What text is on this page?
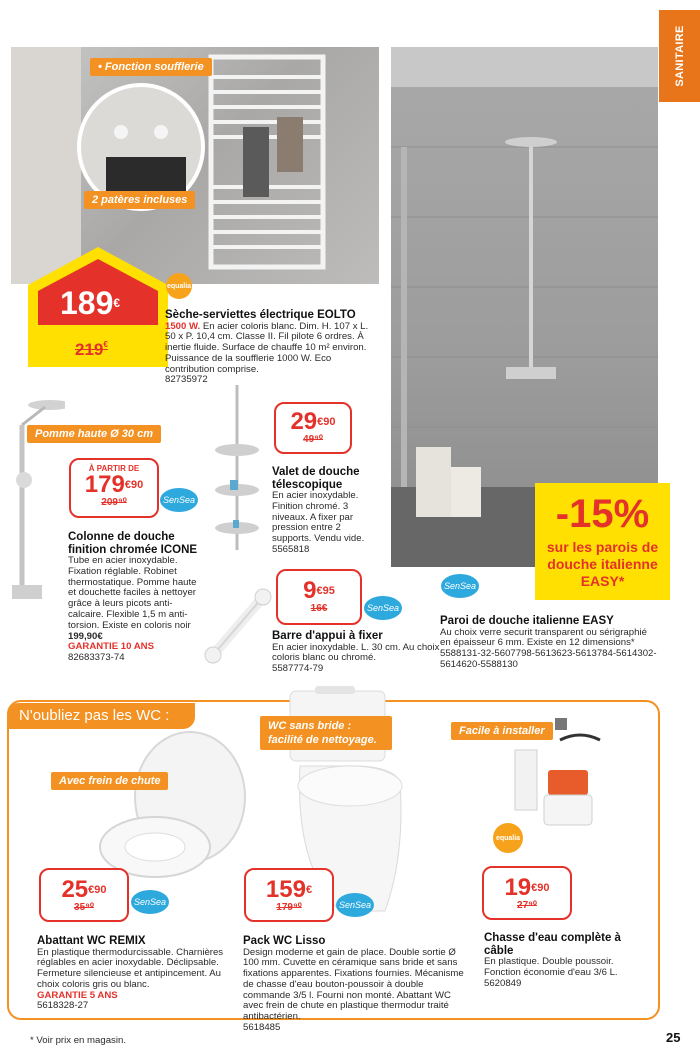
SANITAIRE
• Fonction soufflerie
2 patères incluses
-15%
sur les parois de douche italienne EASY*
189€
219€
equalia
Sèche-serviettes électrique EOLTO
1500 W. En acier coloris blanc. Dim. H. 107 x L. 50 x P. 10,4 cm. Classe II. Fil pilote 6 ordres. À inertie fluide. Surface de chauffe 10 m² environ. Puissance de la soufflerie 1000 W. Eco contribution comprise.
82735972
Pomme haute Ø 30 cm
À PARTIR DE
$179^{€90}$
209⁹⁰	SenSea
Colonne de douche finition chromée ICONE
Tube en acier inoxydable. Fixation réglable. Robinet thermostatique. Pomme haute et douchette faciles à nettoyer grâce à leurs picots anti-calcaire. Flexible 1,5 m anti-torsion. Existe en coloris noir
199,90€
GARANTIE 10 ANS
82683373-74
$29^{€90}$
49⁹⁰
Valet de douche télescopique
En acier inoxydable. Finition chromé. 3 niveaux. A fixer par pression entre 2 supports. Vendu vide.
5565818
$9^{€95}$
16€	SenSea
Barre d'appui à fixer
En acier inoxydable. L. 30 cm. Au choix coloris blanc ou chromé.
5587774-79
SenSea
Paroi de douche italienne EASY
Au choix verre securit transparent ou sérigraphié en épaisseur 6 mm. Existe en 12 dimensions* 5588131-32-5607798-5613623-5613784-5614302-5614620-5588130
N'oubliez pas les WC :
Avec frein de chute
$25^{€90}$
35⁹⁰	SenSea
Abattant WC REMIX
En plastique thermodurcissable. Charnières réglables en acier inoxydable. Déclipsable. Fermeture silencieuse et antipincement. Au choix coloris gris ou blanc.
GARANTIE 5 ANS
5618328-27
WC sans bride : facilité de nettoyage.
159€
179⁹⁰	SenSea
Pack WC Lisso
Design moderne et gain de place. Double sortie Ø 100 mm. Cuvette en céramique sans bride et sans fixations apparentes. Fixations fournies. Mécanisme de chasse d'eau bouton-poussoir à double commande 3/5 l. Fourni non monté. Abattant WC avec frein de chute en plastique thermodur traité antibactérien.
5618485
Facile à installer
equalia
$19^{€90}$
27⁹⁰
Chasse d'eau complète à câble
En plastique. Double poussoir. Fonction économie d'eau 3/6 L.
5620849
* Voir prix en magasin.	25
